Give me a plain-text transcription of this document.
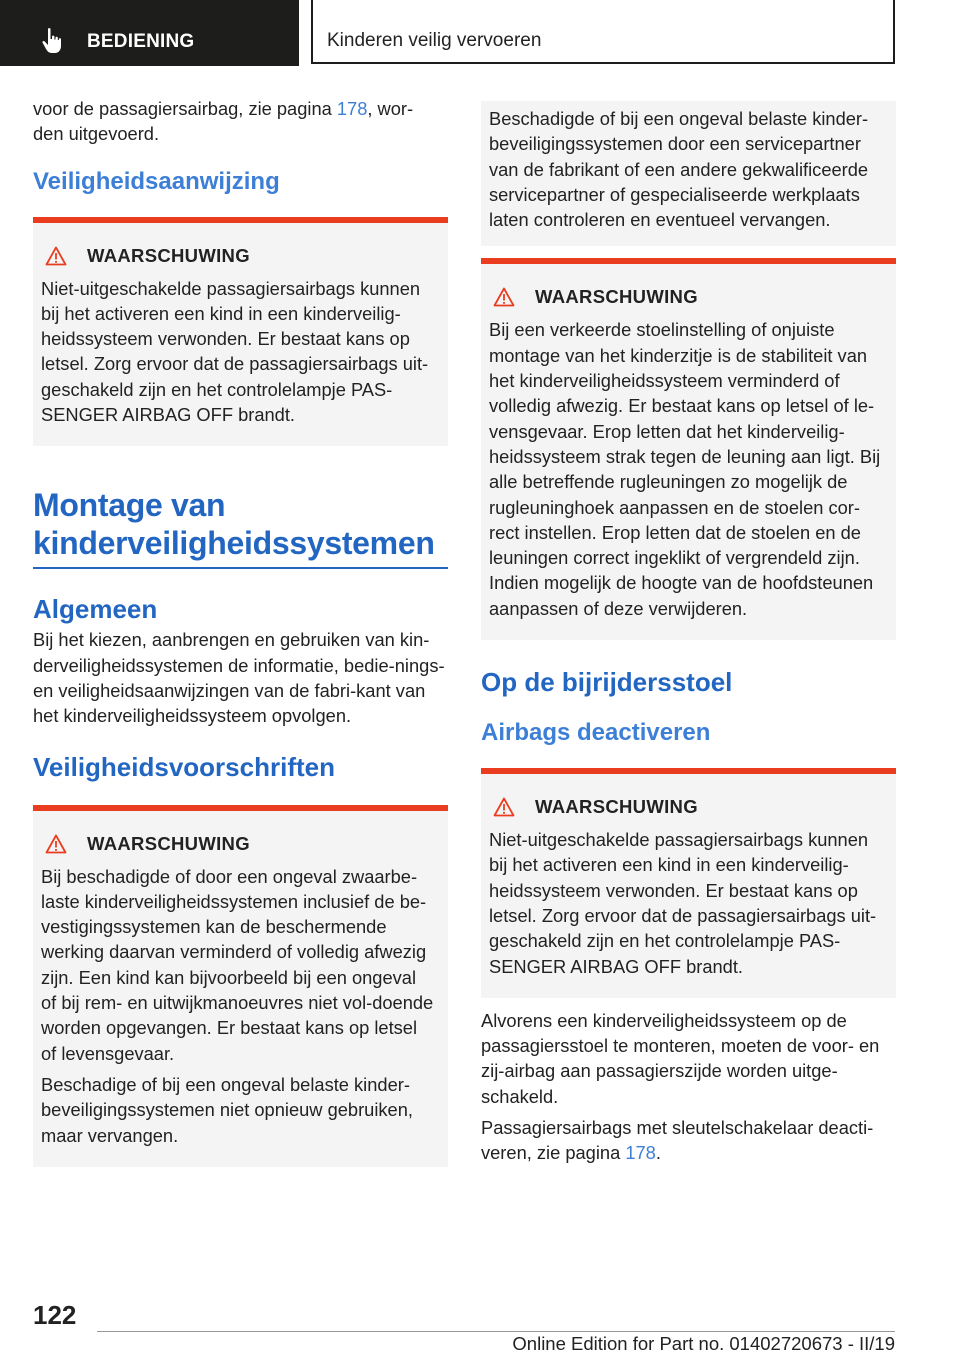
BEDIENING	Kinderen veilig vervoeren

voor de passagiersairbag, zie pagina 178, wor-
den uitgevoerd.

Veiligheidsaanwijzing
WAARSCHUWING

Niet-uitgeschakelde passagiersairbags kunnen bij het activeren een kind in een kinderveilig-heidssysteem verwonden. Er bestaat kans op letsel. Zorg ervoor dat de passagiersairbags uit-geschakeld zijn en het controlelampje PAS-SENGER AIRBAG OFF brandt.

Montage van kinderveiligheidssystemen
Algemeen

Bij het kiezen, aanbrengen en gebruiken van kin-derveiligheidssystemen de informatie, bedie-nings- en veiligheidsaanwijzingen van de fabri-kant van het kinderveiligheidssysteem opvolgen.

Veiligheidsvoorschriften
WAARSCHUWING

Bij beschadigde of door een ongeval zwaarbe-laste kinderveiligheidssystemen inclusief de be-vestigingssystemen kan de beschermende werking daarvan verminderd of volledig afwezig zijn. Een kind kan bijvoorbeeld bij een ongeval of bij rem- en uitwijkmanoeuvres niet vol-doende worden opgevangen. Er bestaat kans op letsel of levensgevaar.

Beschadige of bij een ongeval belaste kinder-beveiligingssystemen niet opnieuw gebruiken, maar vervangen.

Beschadigde of bij een ongeval belaste kinder-beveiligingssystemen door een servicepartner van de fabrikant of een andere gekwalificeerde servicepartner of gespecialiseerde werkplaats laten controleren en eventueel vervangen.

WAARSCHUWING

Bij een verkeerde stoelinstelling of onjuiste montage van het kinderzitje is de stabiliteit van het kinderveiligheidssysteem verminderd of volledig afwezig. Er bestaat kans op letsel of le-vensgevaar. Erop letten dat het kinderveilig-heidssysteem strak tegen de leuning aan ligt. Bij alle betreffende rugleuningen zo mogelijk de rugleuninghoek aanpassen en de stoelen cor-rect instellen. Erop letten dat de stoelen en de leuningen correct ingeklikt of vergrendeld zijn. Indien mogelijk de hoogte van de hoofdsteunen aanpassen of deze verwijderen.

Op de bijrijdersstoel
Airbags deactiveren
WAARSCHUWING

Niet-uitgeschakelde passagiersairbags kunnen bij het activeren een kind in een kinderveilig-heidssysteem verwonden. Er bestaat kans op letsel. Zorg ervoor dat de passagiersairbags uit-geschakeld zijn en het controlelampje PAS-SENGER AIRBAG OFF brandt.

Alvorens een kinderveiligheidssysteem op de passagiersstoel te monteren, moeten de voor- en zij-airbag aan passagierszijde worden uitge-schakeld.

Passagiersairbags met sleutelschakelaar deacti-veren, zie pagina 178.

122
Online Edition for Part no. 01402720673 - II/19
